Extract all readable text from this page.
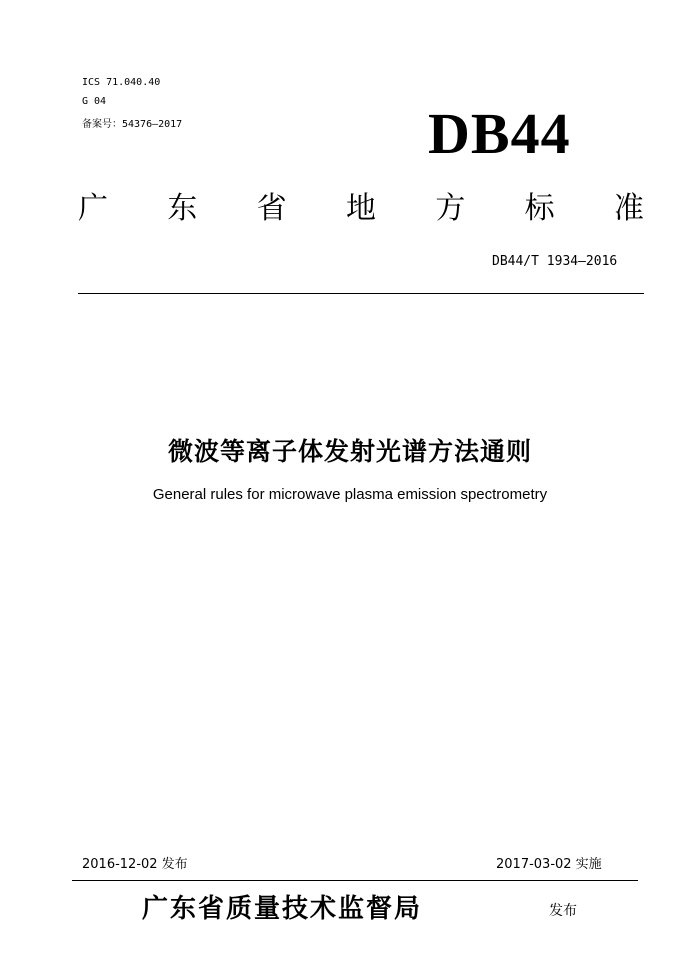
ICS 71.040.40
G 04
备案号：54376—2017	DB44
广 东 省 地 方 标 准
DB44/T 1934—2016
微波等离子体发射光谱方法通则
General rules for microwave plasma emission spectrometry
2016-12-02 发布	2017-03-02 实施
广东省质量技术监督局	发布
